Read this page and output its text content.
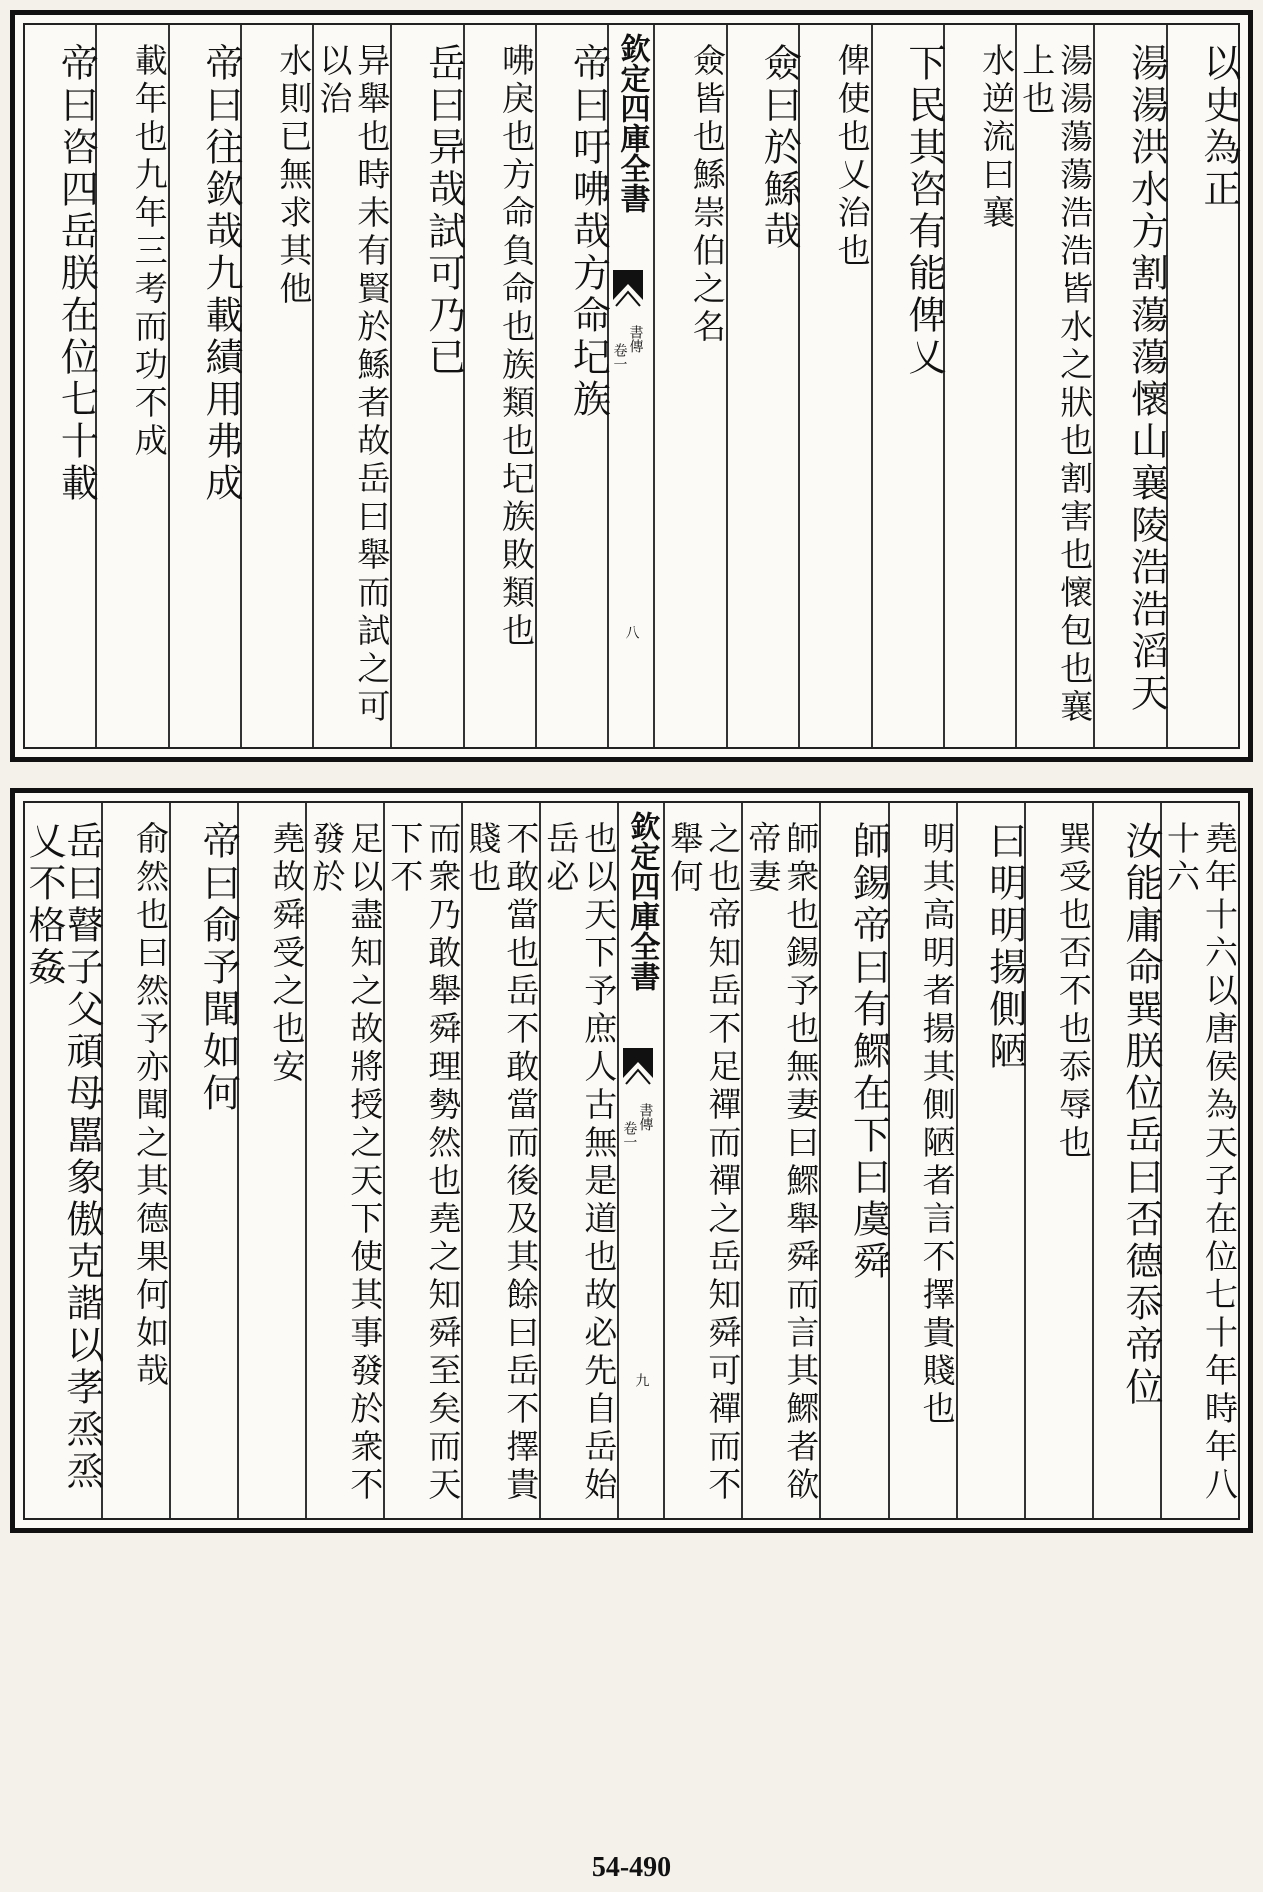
以史為正
湯湯洪水方割蕩蕩懷山襄陵浩浩滔天
湯湯蕩蕩浩浩皆水之狀也割害也懷包也襄上也
水逆流曰襄
下民其咨有能俾乂
俾使也乂治也
僉曰於鯀哉
僉皆也鯀崇伯之名
欽定四庫全書
書傳
卷一
八
帝曰吁咈哉方命圮族
咈戾也方命負命也族類也圮族敗類也
岳曰异哉試可乃已
异舉也時未有賢於鯀者故岳曰舉而試之可以治
水則已無求其他
帝曰往欽哉九載績用弗成
載年也九年三考而功不成
帝曰咨四岳朕在位七十載
堯年十六以唐侯為天子在位七十年時年八十六
汝能庸命巽朕位岳曰否德忝帝位
巽受也否不也忝辱也
曰明明揚側陋
明其高明者揚其側陋者言不擇貴賤也
師錫帝曰有鰥在下曰虞舜
師衆也錫予也無妻曰鰥舉舜而言其鰥者欲帝妻
之也帝知岳不足禪而禪之岳知舜可禪而不舉何
欽定四庫全書
書傳
卷一
九
也以天下予庶人古無是道也故必先自岳始岳必
不敢當也岳不敢當而後及其餘曰岳不擇貴賤也
而衆乃敢舉舜理勢然也堯之知舜至矣而天下不
足以盡知之故將授之天下使其事發於衆不發於
堯故舜受之也安
帝曰俞予聞如何
俞然也曰然予亦聞之其德果何如哉
岳曰瞽子父頑母嚚象傲克諧以孝烝烝乂不格姦
54-490
